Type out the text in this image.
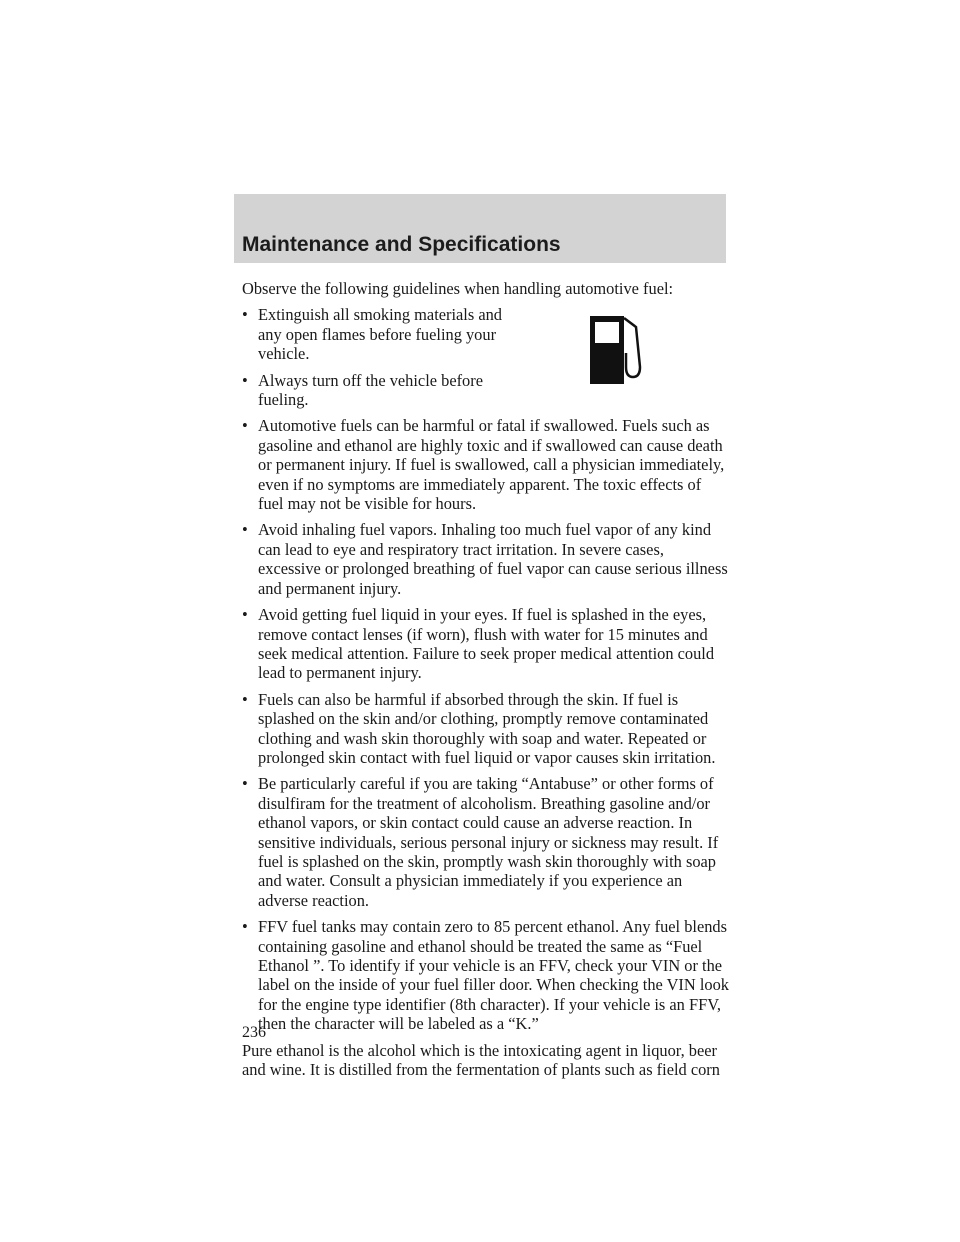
Maintenance and Specifications

Observe the following guidelines when handling automotive fuel:

• Extinguish all smoking materials and any open flames before fueling your vehicle.
• Always turn off the vehicle before fueling.
• Automotive fuels can be harmful or fatal if swallowed. Fuels such as gasoline and ethanol are highly toxic and if swallowed can cause death or permanent injury. If fuel is swallowed, call a physician immediately, even if no symptoms are immediately apparent. The toxic effects of fuel may not be visible for hours.
• Avoid inhaling fuel vapors. Inhaling too much fuel vapor of any kind can lead to eye and respiratory tract irritation. In severe cases, excessive or prolonged breathing of fuel vapor can cause serious illness and permanent injury.
• Avoid getting fuel liquid in your eyes. If fuel is splashed in the eyes, remove contact lenses (if worn), flush with water for 15 minutes and seek medical attention. Failure to seek proper medical attention could lead to permanent injury.
• Fuels can also be harmful if absorbed through the skin. If fuel is splashed on the skin and/or clothing, promptly remove contaminated clothing and wash skin thoroughly with soap and water. Repeated or prolonged skin contact with fuel liquid or vapor causes skin irritation.
• Be particularly careful if you are taking “Antabuse” or other forms of disulfiram for the treatment of alcoholism. Breathing gasoline and/or ethanol vapors, or skin contact could cause an adverse reaction. In sensitive individuals, serious personal injury or sickness may result. If fuel is splashed on the skin, promptly wash skin thoroughly with soap and water. Consult a physician immediately if you experience an adverse reaction.
• FFV fuel tanks may contain zero to 85 percent ethanol. Any fuel blends containing gasoline and ethanol should be treated the same as “Fuel Ethanol ”. To identify if your vehicle is an FFV, check your VIN or the label on the inside of your fuel filler door. When checking the VIN look for the engine type identifier (8th character). If your vehicle is an FFV, then the character will be labeled as a “K.”

Pure ethanol is the alcohol which is the intoxicating agent in liquor, beer and wine. It is distilled from the fermentation of plants such as field corn

236
